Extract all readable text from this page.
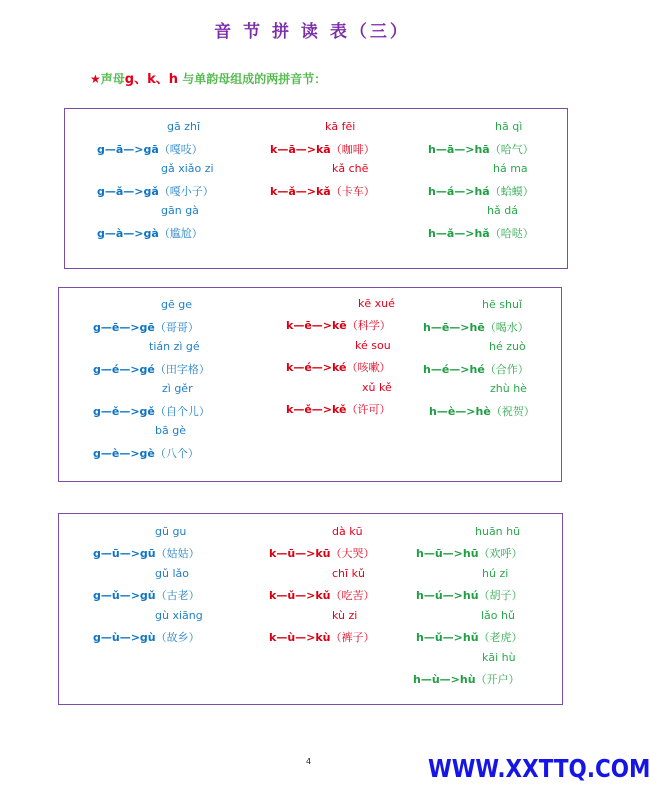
音 节 拼 读 表（三）
★声母g、k、h 与单韵母组成的两拼音节：
gā zhī
g—ā—>gā（嘎吱）
gǎ xiǎo zi
g—ǎ—>gǎ（嘎小子）
gān gà
g—à—>gà（尴尬）
kā fēi
k—ā—>kā（咖啡）
kǎ chē
k—ǎ—>kǎ（卡车）
hā qì
h—ā—>hā（哈气）
há ma
h—á—>há（蛤蟆）
hǎ dá
h—ǎ—>hǎ（哈哒）
gē ge
g—ē—>gē（哥哥）
tián zì gé
g—é—>gé（田字格）
zì gěr
g—ě—>gě（自个儿）
bā gè
g—è—>gè（八个）
kē xué
k—ē—>kē（科学）
ké sou
k—é—>ké（咳嗽）
xǔ kě
k—ě—>kě（许可）
hē shuǐ
h—ē—>hē（喝水）
hé zuò
h—é—>hé（合作）
zhù hè
h—è—>hè（祝贺）
gū gu
g—ū—>gū（姑姑）
gǔ lǎo
g—ǔ—>gǔ（古老）
gù xiāng
g—ù—>gù（故乡）
dà kū
k—ū—>kū（大哭）
chī kǔ
k—ǔ—>kǔ（吃苦）
kù zi
k—ù—>kù（裤子）
huān hū
h—ū—>hū（欢呼）
hú zi
h—ú—>hú（胡子）
lǎo hǔ
h—ǔ—>hǔ（老虎）
kāi hù
h—ù—>hù（开户）
4	WWW.XXTTQ.COM
